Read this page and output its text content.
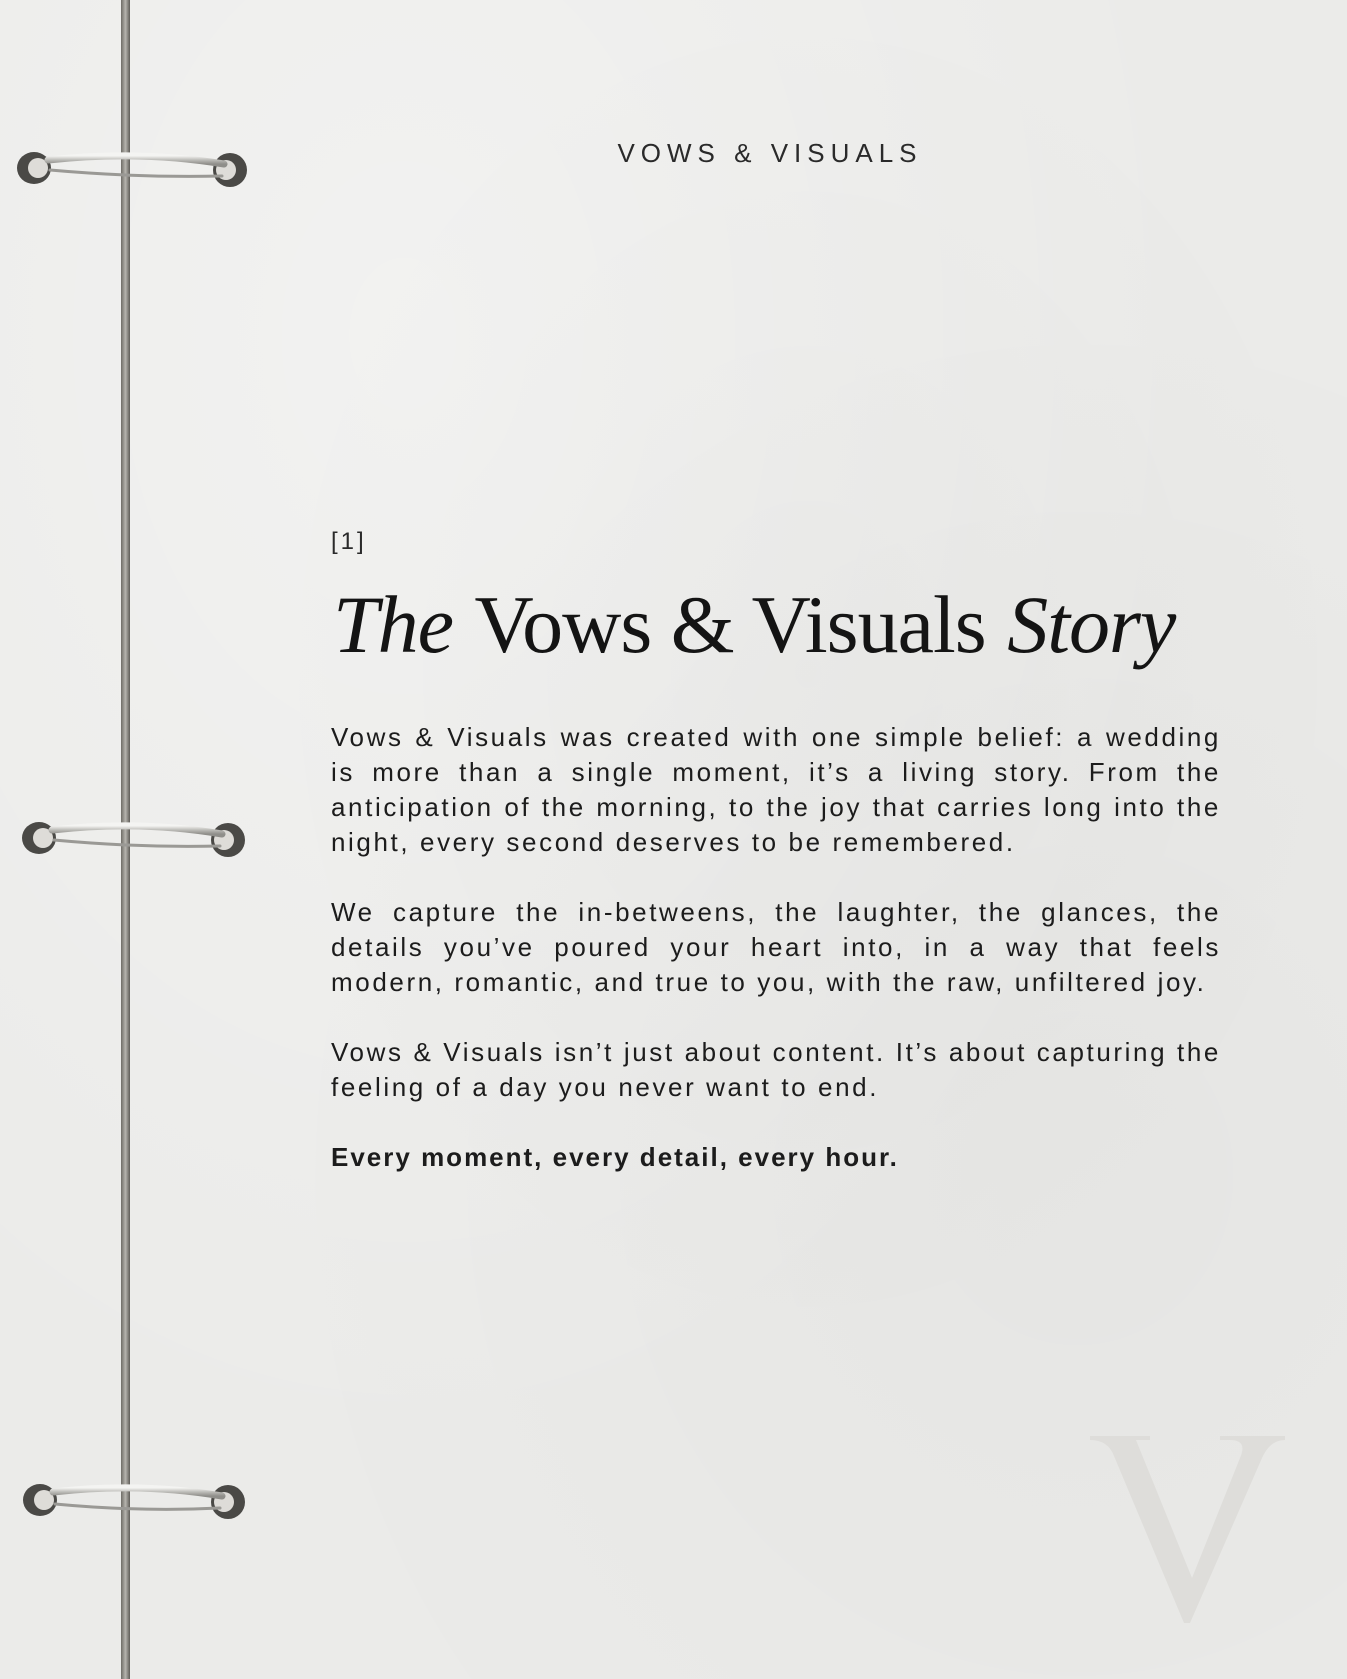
VOWS & VISUALS
[1]
The Vows & Visuals Story

Vows & Visuals was created with one simple belief: a wedding is more than a single moment, it’s a living story. From the anticipation of the morning, to the joy that carries long into the night, every second deserves to be remembered.

We capture the in-betweens, the laughter, the glances, the details you’ve poured your heart into, in a way that feels modern, romantic, and true to you, with the raw, unfiltered joy.

Vows & Visuals isn’t just about content. It’s about capturing the feeling of a day you never want to end.

Every moment, every detail, every hour.
